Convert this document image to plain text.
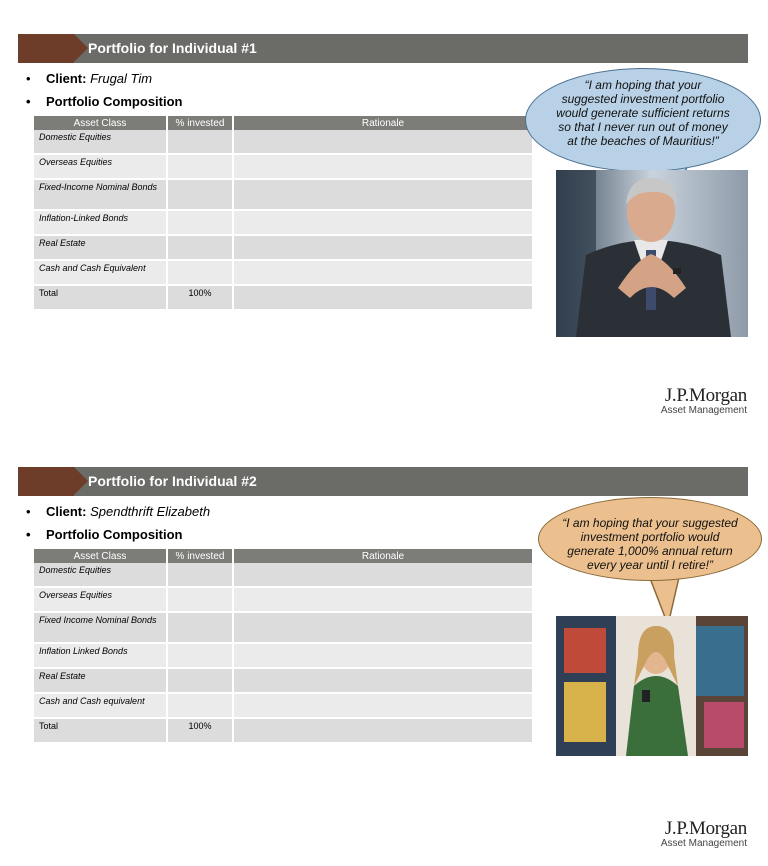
Portfolio for Individual #1
• Client: Frugal Tim
• Portfolio Composition
Asset Class	% invested	Rationale
Domestic Equities		
Overseas Equities		
Fixed-Income Nominal Bonds		
Inflation-Linked Bonds		
Real Estate		
Cash and Cash Equivalent		
Total	100%	
“I am hoping that your suggested investment portfolio would generate sufficient returns so that I never run out of money at the beaches of Mauritius!”
J.P.Morgan
Asset Management
Portfolio for Individual #2
• Client: Spendthrift Elizabeth
• Portfolio Composition
Asset Class	% invested	Rationale
Domestic Equities		
Overseas Equities		
Fixed Income Nominal Bonds		
Inflation Linked Bonds		
Real Estate		
Cash and Cash equivalent		
Total	100%	
“I am hoping that your suggested investment portfolio would generate 1,000% annual return every year until I retire!”
J.P.Morgan
Asset Management
